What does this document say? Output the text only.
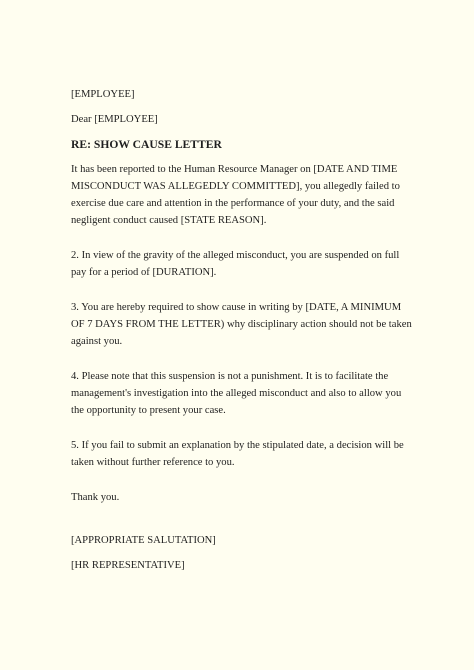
[EMPLOYEE]
Dear [EMPLOYEE]
RE: SHOW CAUSE LETTER
It has been reported to the Human Resource Manager on [DATE AND TIME
MISCONDUCT WAS ALLEGEDLY COMMITTED], you allegedly failed to
exercise due care and attention in the performance of your duty, and the said
negligent conduct caused [STATE REASON].
2. In view of the gravity of the alleged misconduct, you are suspended on full
pay for a period of [DURATION].
3. You are hereby required to show cause in writing by [DATE, A MINIMUM
OF 7 DAYS FROM THE LETTER) why disciplinary action should not be taken
against you.
4. Please note that this suspension is not a punishment. It is to facilitate the
management's investigation into the alleged misconduct and also to allow you
the opportunity to present your case.
5. If you fail to submit an explanation by the stipulated date, a decision will be
taken without further reference to you.
Thank you.
[APPROPRIATE SALUTATION]
[HR REPRESENTATIVE]
